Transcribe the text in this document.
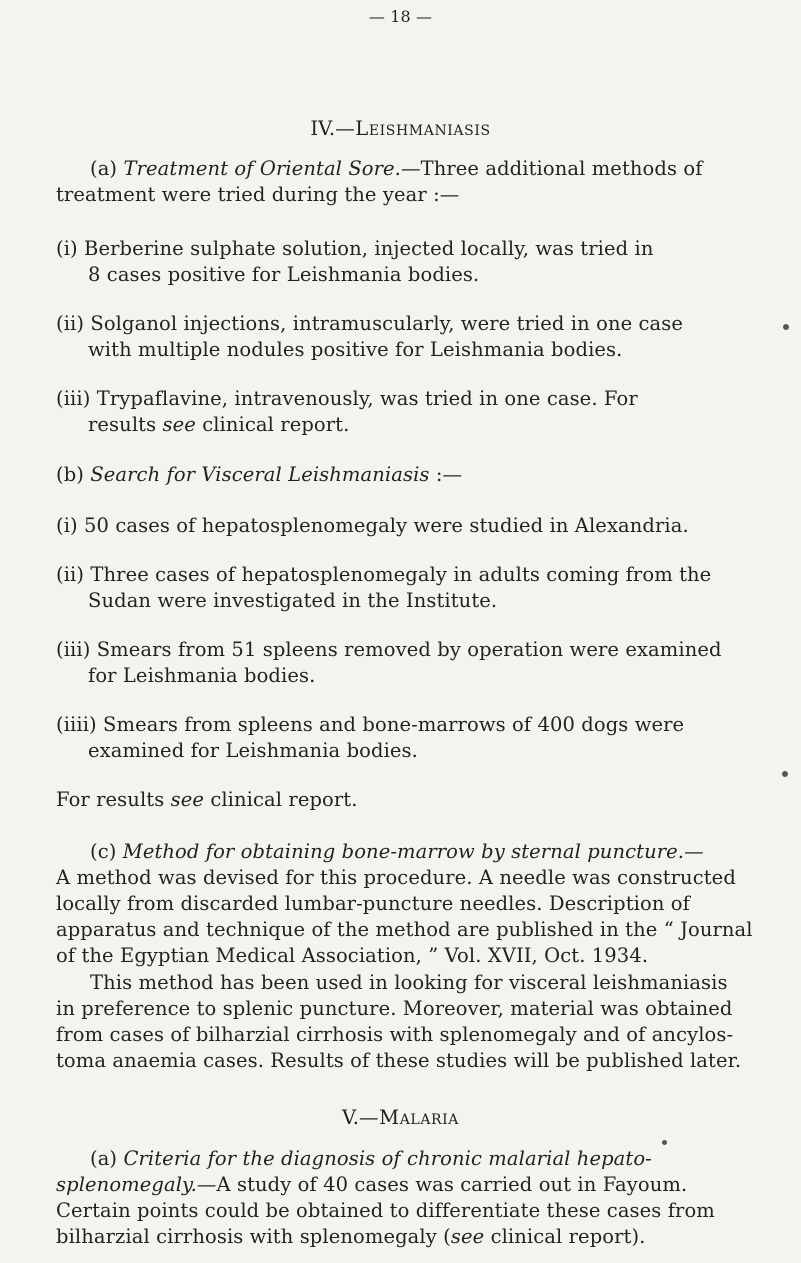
— 18 —
IV.—Leishmaniasis
(a) Treatment of Oriental Sore.—Three additional methods of
treatment were tried during the year :—
(i) Berberine sulphate solution, injected locally, was tried in
8 cases positive for Leishmania bodies.
(ii) Solganol injections, intramuscularly, were tried in one case
with multiple nodules positive for Leishmania bodies.
(iii) Trypaflavine, intravenously, was tried in one case. For
results see clinical report.
(b) Search for Visceral Leishmaniasis :—
(i) 50 cases of hepatosplenomegaly were studied in Alexandria.
(ii) Three cases of hepatosplenomegaly in adults coming from the
Sudan were investigated in the Institute.
(iii) Smears from 51 spleens removed by operation were examined
for Leishmania bodies.
(iiii) Smears from spleens and bone-marrows of 400 dogs were
examined for Leishmania bodies.
For results see clinical report.
(c) Method for obtaining bone-marrow by sternal puncture.—
A method was devised for this procedure. A needle was constructed
locally from discarded lumbar-puncture needles. Description of
apparatus and technique of the method are published in the “ Journal
of the Egyptian Medical Association, ” Vol. XVII, Oct. 1934.
This method has been used in looking for visceral leishmaniasis
in preference to splenic puncture. Moreover, material was obtained
from cases of bilharzial cirrhosis with splenomegaly and of ancylos-
toma anaemia cases. Results of these studies will be published later.
V.—Malaria
(a) Criteria for the diagnosis of chronic malarial hepato-
splenomegaly.—A study of 40 cases was carried out in Fayoum.
Certain points could be obtained to differentiate these cases from
bilharzial cirrhosis with splenomegaly (see clinical report).
